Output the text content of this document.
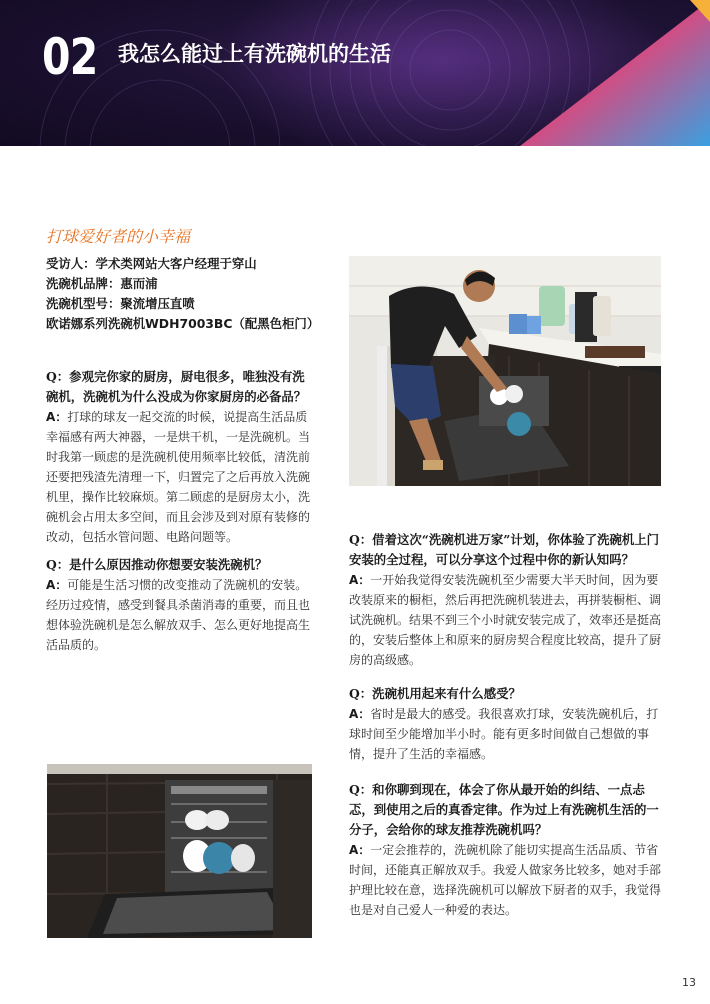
02 我怎么能过上有洗碗机的生活
打球爱好者的小幸福
受访人：学术类网站大客户经理于穿山
洗碗机品牌：惠而浦
洗碗机型号：聚流增压直喷
欧诺娜系列洗碗机WDH7003BC（配黑色柜门）
Q：参观完你家的厨房，厨电很多，唯独没有洗碗机，洗碗机为什么没成为你家厨房的必备品？
A：打球的球友一起交流的时候，说提高生活品质幸福感有两大神器，一是烘干机，一是洗碗机。当时我第一顾虑的是洗碗机使用频率比较低，清洗前还要把残渣先清理一下，归置完了之后再放入洗碗机里，操作比较麻烦。第二顾虑的是厨房太小，洗碗机会占用太多空间，而且会涉及到对原有装修的改动，包括水管问题、电路问题等。
Q：是什么原因推动你想要安装洗碗机？
A：可能是生活习惯的改变推动了洗碗机的安装。经历过疫情，感受到餐具杀菌消毒的重要，而且也想体验洗碗机是怎么解放双手、怎么更好地提高生活品质的。
Q：借着这次“洗碗机进万家”计划，你体验了洗碗机上门安装的全过程，可以分享这个过程中你的新认知吗？
A：一开始我觉得安装洗碗机至少需要大半天时间，因为要改装原来的橱柜，然后再把洗碗机装进去，再拼装橱柜、调试洗碗机。结果不到三个小时就安装完成了，效率还是挺高的，安装后整体上和原来的厨房契合程度比较高，提升了厨房的高级感。
Q：洗碗机用起来有什么感受？
A：省时是最大的感受。我很喜欢打球，安装洗碗机后，打球时间至少能增加半小时。能有更多时间做自己想做的事情，提升了生活的幸福感。
Q：和你聊到现在，体会了你从最开始的纠结、一点忐忑，到使用之后的真香定律。作为过上有洗碗机生活的一分子，会给你的球友推荐洗碗机吗？
A：一定会推荐的，洗碗机除了能切实提高生活品质、节省时间，还能真正解放双手。我爱人做家务比较多，她对手部护理比较在意，选择洗碗机可以解放下厨者的双手，我觉得也是对自己爱人一种爱的表达。
13
